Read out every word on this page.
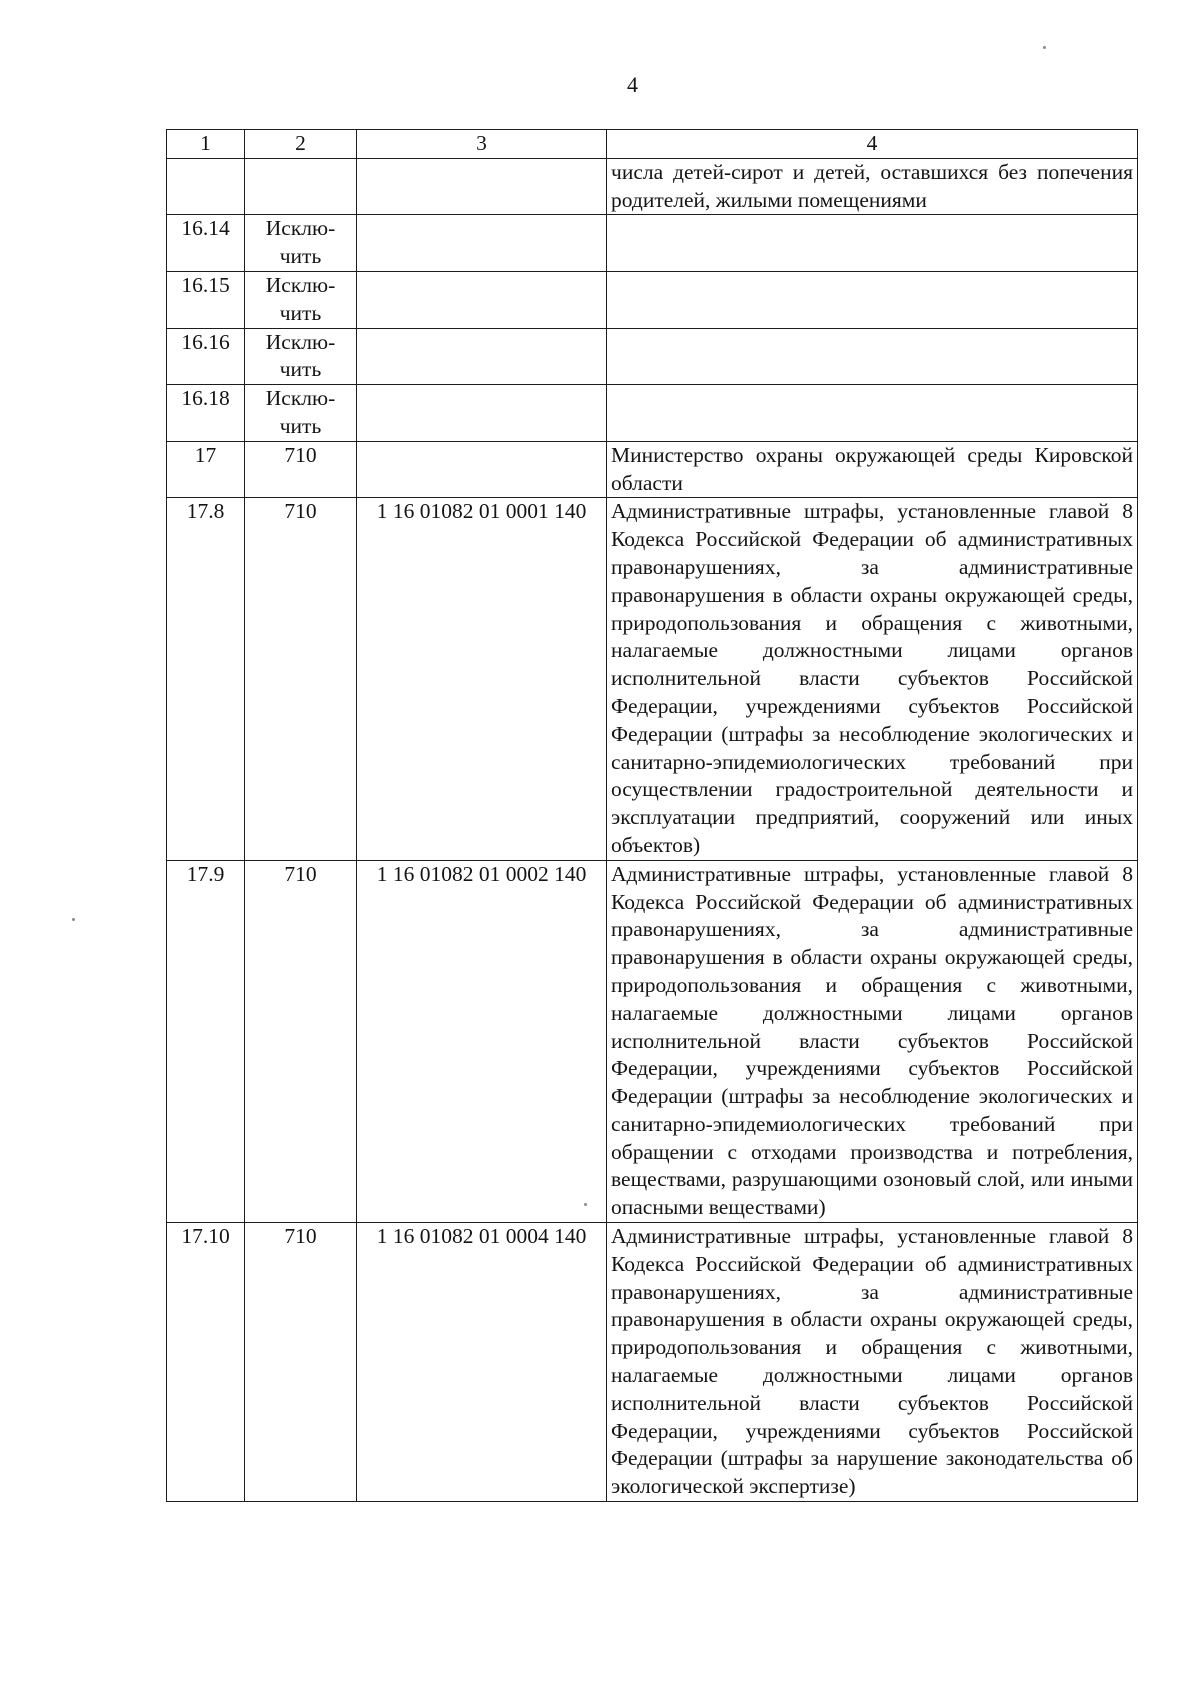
4
1	2	3	4
			числа детей-сирот и детей, оставшихся без попечения родителей, жилыми помещениями
16.14	Исклю-чить		
16.15	Исклю-чить		
16.16	Исклю-чить		
16.18	Исклю-чить		
17	710		Министерство охраны окружающей среды Кировской области
17.8	710	1 16 01082 01 0001 140	Административные штрафы, установленные главой 8 Кодекса Российской Федерации об административных правонарушениях, за административные правонарушения в области охраны окружающей среды, природопользования и обращения с животными, налагаемые должностными лицами органов исполнительной власти субъектов Российской Федерации, учреждениями субъектов Российской Федерации (штрафы за несоблюдение экологических и санитарно-эпидемиологических требований при осуществлении градостроительной деятельности и эксплуатации предприятий, сооружений или иных объектов)
17.9	710	1 16 01082 01 0002 140	Административные штрафы, установленные главой 8 Кодекса Российской Федерации об административных правонарушениях, за административные правонарушения в области охраны окружающей среды, природопользования и обращения с животными, налагаемые должностными лицами органов исполнительной власти субъектов Российской Федерации, учреждениями субъектов Российской Федерации (штрафы за несоблюдение экологических и санитарно-эпидемиологических требований при обращении с отходами производства и потребления, веществами, разрушающими озоновый слой, или иными опасными веществами)
17.10	710	1 16 01082 01 0004 140	Административные штрафы, установленные главой 8 Кодекса Российской Федерации об административных правонарушениях, за административные правонарушения в области охраны окружающей среды, природопользования и обращения с животными, налагаемые должностными лицами органов исполнительной власти субъектов Российской Федерации, учреждениями субъектов Российской Федерации (штрафы за нарушение законодательства об экологической экспертизе)
